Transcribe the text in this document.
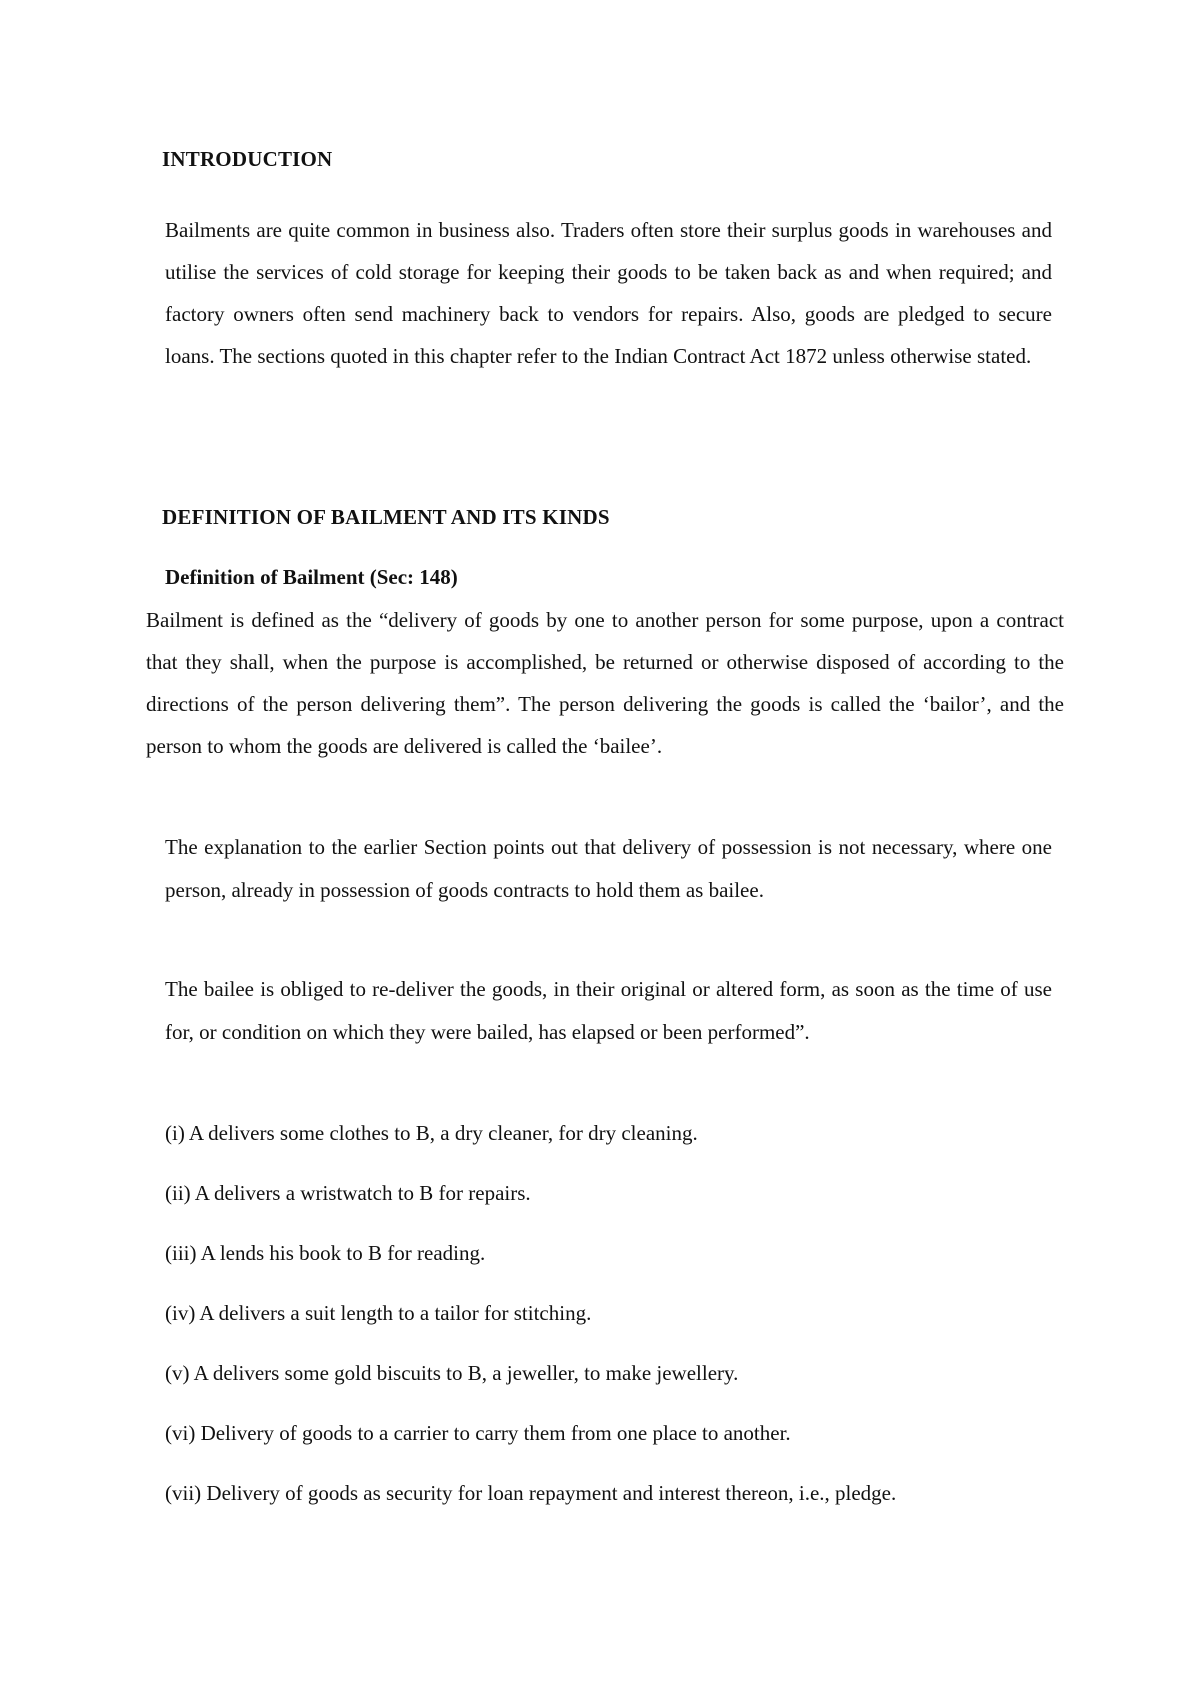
INTRODUCTION

Bailments are quite common in business also. Traders often store their surplus goods in warehouses and utilise the services of cold storage for keeping their goods to be taken back as and when required; and factory owners often send machinery back to vendors for repairs. Also, goods are pledged to secure loans. The sections quoted in this chapter refer to the Indian Contract Act 1872 unless otherwise stated.

DEFINITION OF BAILMENT AND ITS KINDS
Definition of Bailment (Sec: 148)

Bailment is defined as the “delivery of goods by one to another person for some purpose, upon a contract that they shall, when the purpose is accomplished, be returned or otherwise disposed of according to the directions of the person delivering them”. The person delivering the goods is called the ‘bailor’, and the person to whom the goods are delivered is called the ‘bailee’.

The explanation to the earlier Section points out that delivery of possession is not necessary, where one person, already in possession of goods contracts to hold them as bailee.

The bailee is obliged to re-deliver the goods, in their original or altered form, as soon as the time of use for, or condition on which they were bailed, has elapsed or been performed”.

(i) A delivers some clothes to B, a dry cleaner, for dry cleaning.

(ii) A delivers a wristwatch to B for repairs.

(iii) A lends his book to B for reading.

(iv) A delivers a suit length to a tailor for stitching.

(v) A delivers some gold biscuits to B, a jeweller, to make jewellery.

(vi) Delivery of goods to a carrier to carry them from one place to another.

(vii) Delivery of goods as security for loan repayment and interest thereon, i.e., pledge.
